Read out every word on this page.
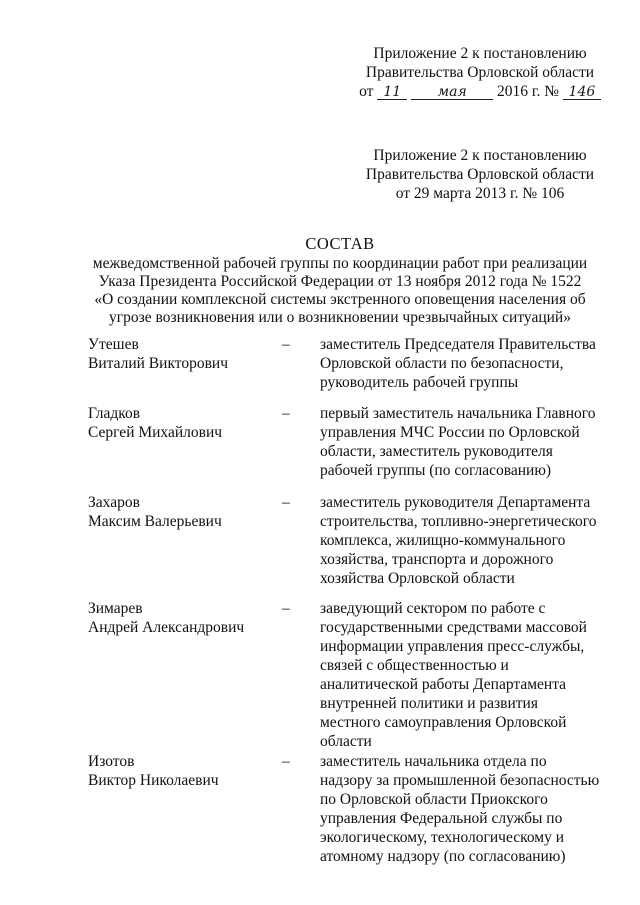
Приложение 2 к постановлению
Правительства Орловской области
от 11	мая 2016 г. № 146
Приложение 2 к постановлению
Правительства Орловской области
от 29 марта 2013 г. № 106
СОСТАВ
межведомственной рабочей группы по координации работ при реализации
Указа Президента Российской Федерации от 13 ноября 2012 года № 1522
«О создании комплексной системы экстренного оповещения населения об
угрозе возникновения или о возникновении чрезвычайных ситуаций»
Утешев
Виталий Викторович
– заместитель Председателя Правительства
Орловской области по безопасности,
руководитель рабочей группы
Гладков
Сергей Михайлович
– первый заместитель начальника Главного
управления МЧС России по Орловской
области, заместитель руководителя
рабочей группы (по согласованию)
Захаров
Максим Валерьевич
– заместитель руководителя Департамента
строительства, топливно-энергетического
комплекса, жилищно-коммунального
хозяйства, транспорта и дорожного
хозяйства Орловской области
Зимарев
Андрей Александрович
– заведующий сектором по работе с
государственными средствами массовой
информации управления пресс-службы,
связей с общественностью и
аналитической работы Департамента
внутренней политики и развития
местного самоуправления Орловской
области
Изотов
Виктор Николаевич
– заместитель начальника отдела по
надзору за промышленной безопасностью
по Орловской области Приокского
управления Федеральной службы по
экологическому, технологическому и
атомному надзору (по согласованию)
